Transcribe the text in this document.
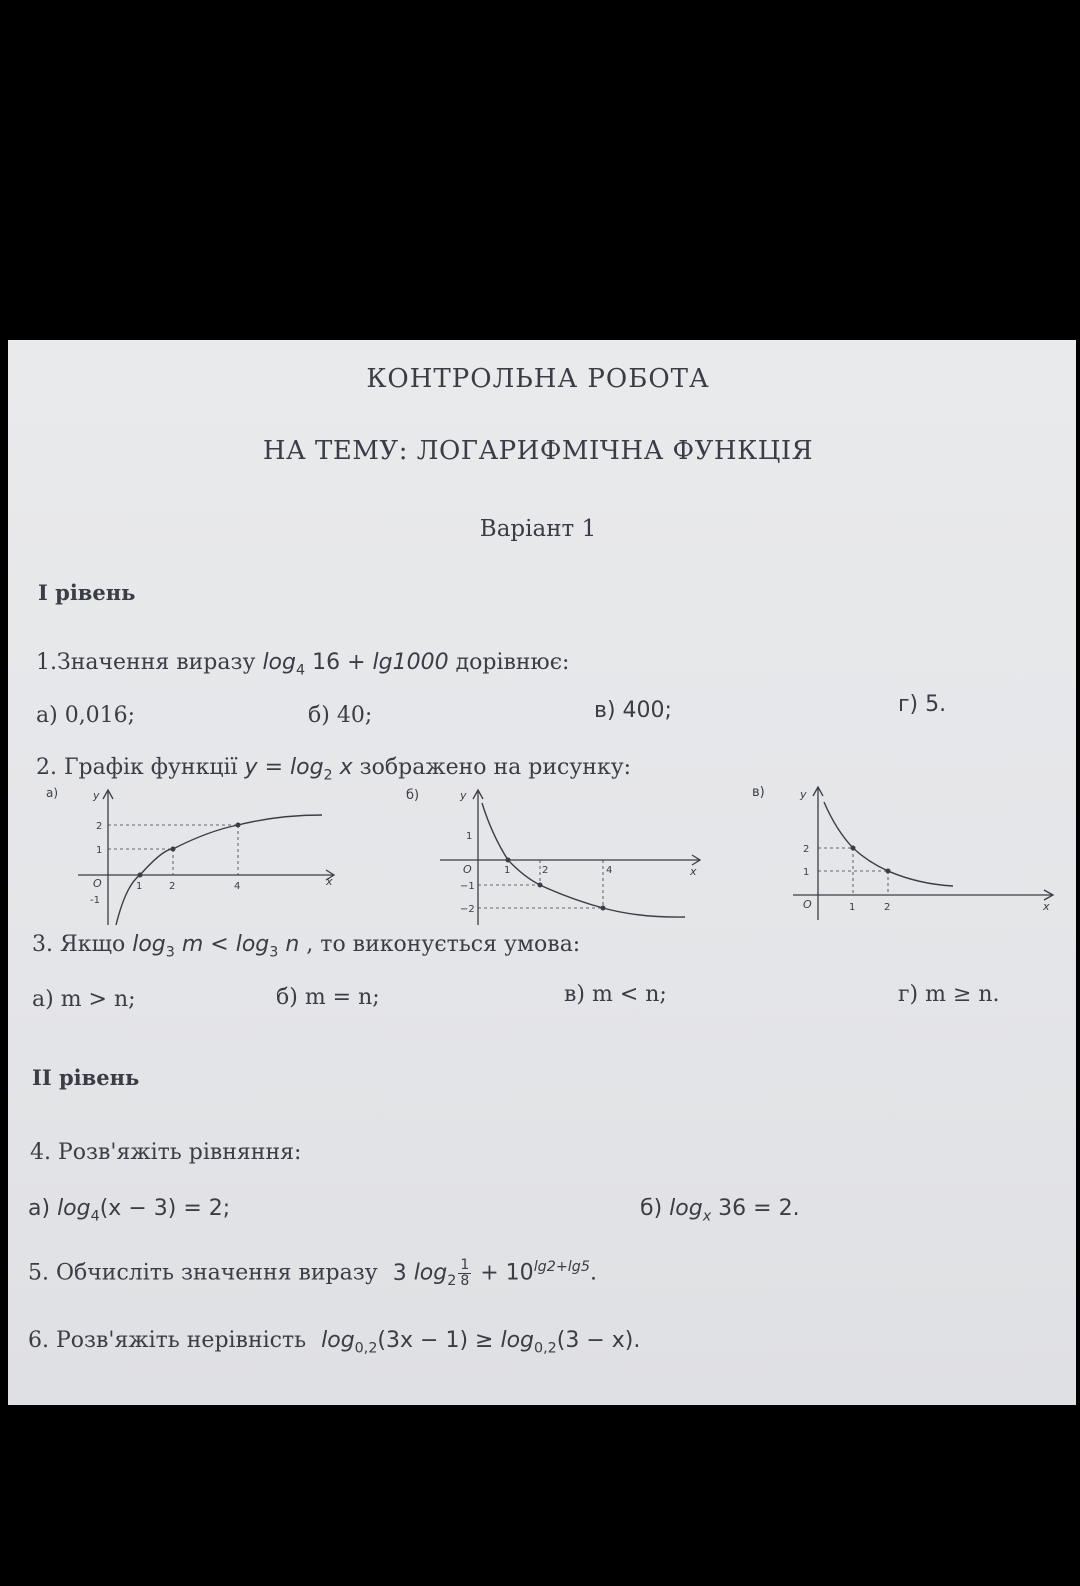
КОНТРОЛЬНА РОБОТА
НА ТЕМУ: ЛОГАРИФМІЧНА ФУНКЦІЯ
Варіант 1
І рівень
1.Значення виразу $\log_4 16 + \lg 1000$ дорівнює:
а) 0,016;	б) 40;	в) 400;	г) 5.
2. Графік функції $y = \log_2 x$ зображено на рисунку:
а)	y
x
O	1	2	4
2
1
-1
б)	y
x
O	1	2	4
1
−1
−2
в)	y
x
O	1	2
2
1
3. Якщо $\log_3 m < \log_3 n$ , то виконується умова:
а) m > n;	б) m = n;	в) m < n;	г) m ≥ n.
ІІ рівень
4. Розв'яжіть рівняння:
а) $\log_4(x - 3) = 2$;	б) $\log_x 36 = 2$.
5. Обчисліть значення виразу 3 $\log_2 \frac{1}{8} + 10^{lg2+lg5}$.
6. Розв'яжіть нерівність $\log_{0,2}(3x - 1) \ge \log_{0,2}(3 - x)$.
